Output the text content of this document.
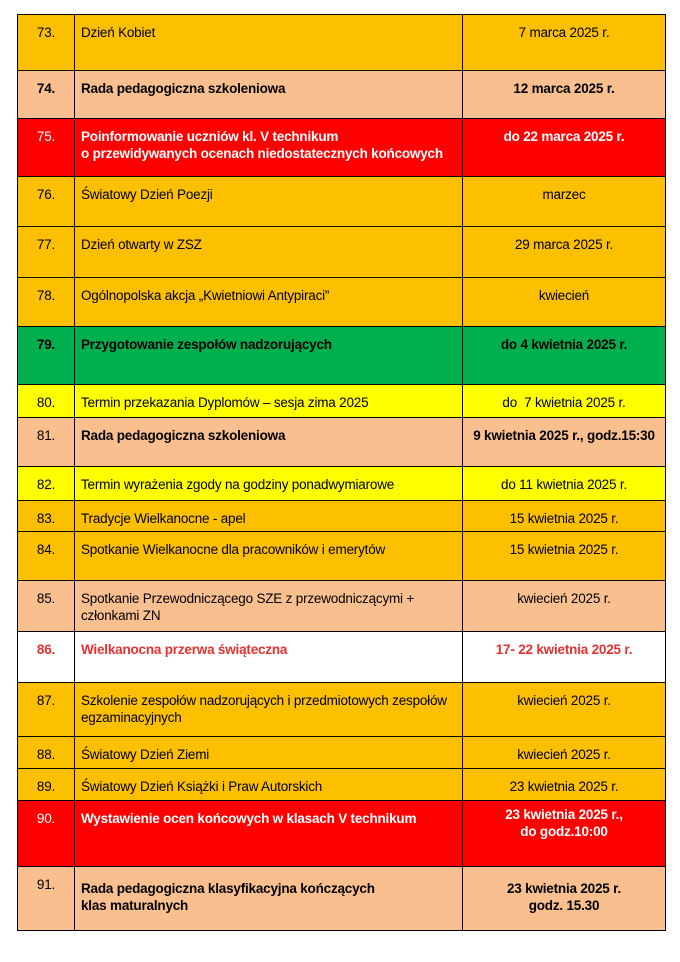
73.	Dzień Kobiet	7 marca 2025 r.
74.	Rada pedagogiczna szkoleniowa	12 marca 2025 r.
75.	Poinformowanie uczniów kl. V technikum
o przewidywanych ocenach niedostatecznych końcowych	do 22 marca 2025 r.
76.	Światowy Dzień Poezji	marzec
77.	Dzień otwarty w ZSZ	29 marca 2025 r.
78.	Ogólnopolska akcja „Kwietniowi Antypiraci”	kwiecień
79.	Przygotowanie zespołów nadzorujących	do 4 kwietnia 2025 r.
80.	Termin przekazania Dyplomów – sesja zima 2025	do  7 kwietnia 2025 r.
81.	Rada pedagogiczna szkoleniowa	9 kwietnia 2025 r., godz.15:30
82.	Termin wyrażenia zgody na godziny ponadwymiarowe	do 11 kwietnia 2025 r.
83.	Tradycje Wielkanocne - apel	15 kwietnia 2025 r.
84.	Spotkanie Wielkanocne dla pracowników i emerytów	15 kwietnia 2025 r.
85.	Spotkanie Przewodniczącego SZE z przewodniczącymi +
członkami ZN	kwiecień 2025 r.
86.	Wielkanocna przerwa świąteczna	17- 22 kwietnia 2025 r.
87.	Szkolenie zespołów nadzorujących i przedmiotowych zespołów
egzaminacyjnych	kwiecień 2025 r.
88.	Światowy Dzień Ziemi	kwiecień 2025 r.
89.	Światowy Dzień Książki i Praw Autorskich	23 kwietnia 2025 r.
90.	Wystawienie ocen końcowych w klasach V technikum	23 kwietnia 2025 r.,
do godz.10:00
91.	Rada pedagogiczna klasyfikacyjna kończących
klas maturalnych	23 kwietnia 2025 r.
godz. 15.30
